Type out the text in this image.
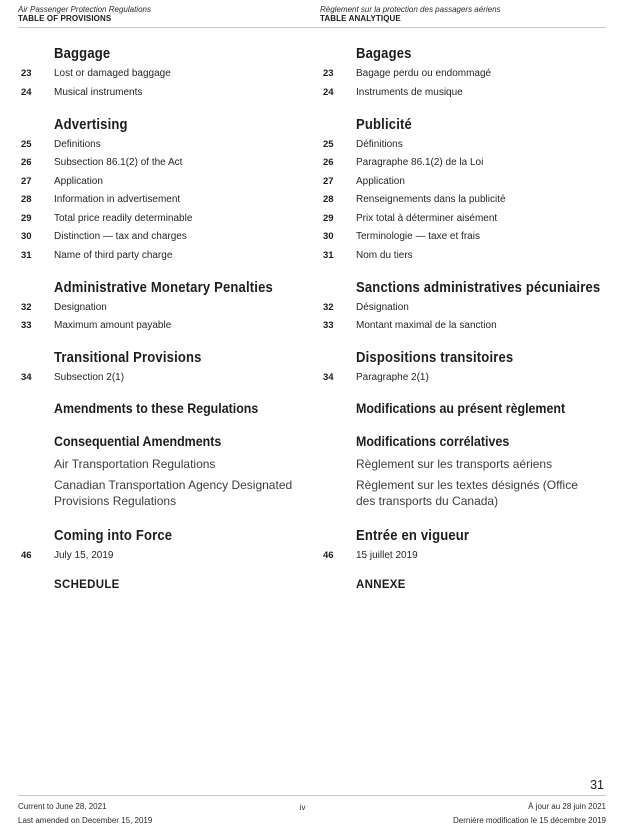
Air Passenger Protection Regulations
TABLE OF PROVISIONS
Règlement sur la protection des passagers aériens
TABLE ANALYTIQUE
Baggage
23	Lost or damaged baggage
24	Musical instruments
Advertising
25	Definitions
26	Subsection 86.1(2) of the Act
27	Application
28	Information in advertisement
29	Total price readily determinable
30	Distinction — tax and charges
31	Name of third party charge
Administrative Monetary Penalties
32	Designation
33	Maximum amount payable
Transitional Provisions
34	Subsection 2(1)
Amendments to these Regulations
Consequential Amendments

Air Transportation Regulations

Canadian Transportation Agency Designated Provisions Regulations

Coming into Force
46	July 15, 2019
SCHEDULE
Bagages
23	Bagage perdu ou endommagé
24	Instruments de musique
Publicité
25	Définitions
26	Paragraphe 86.1(2) de la Loi
27	Application
28	Renseignements dans la publicité
29	Prix total à déterminer aisément
30	Terminologie — taxe et frais
31	Nom du tiers
Sanctions administratives pécuniaires
32	Désignation
33	Montant maximal de la sanction
Dispositions transitoires
34	Paragraphe 2(1)
Modifications au présent règlement
Modifications corrélatives

Règlement sur les transports aériens

Règlement sur les textes désignés (Office des transports du Canada)

Entrée en vigueur
46	15 juillet 2019
ANNEXE
31
Current to June 28, 2021
Last amended on December 15, 2019
iv	À jour au 28 juin 2021
Dernière modification le 15 décembre 2019
